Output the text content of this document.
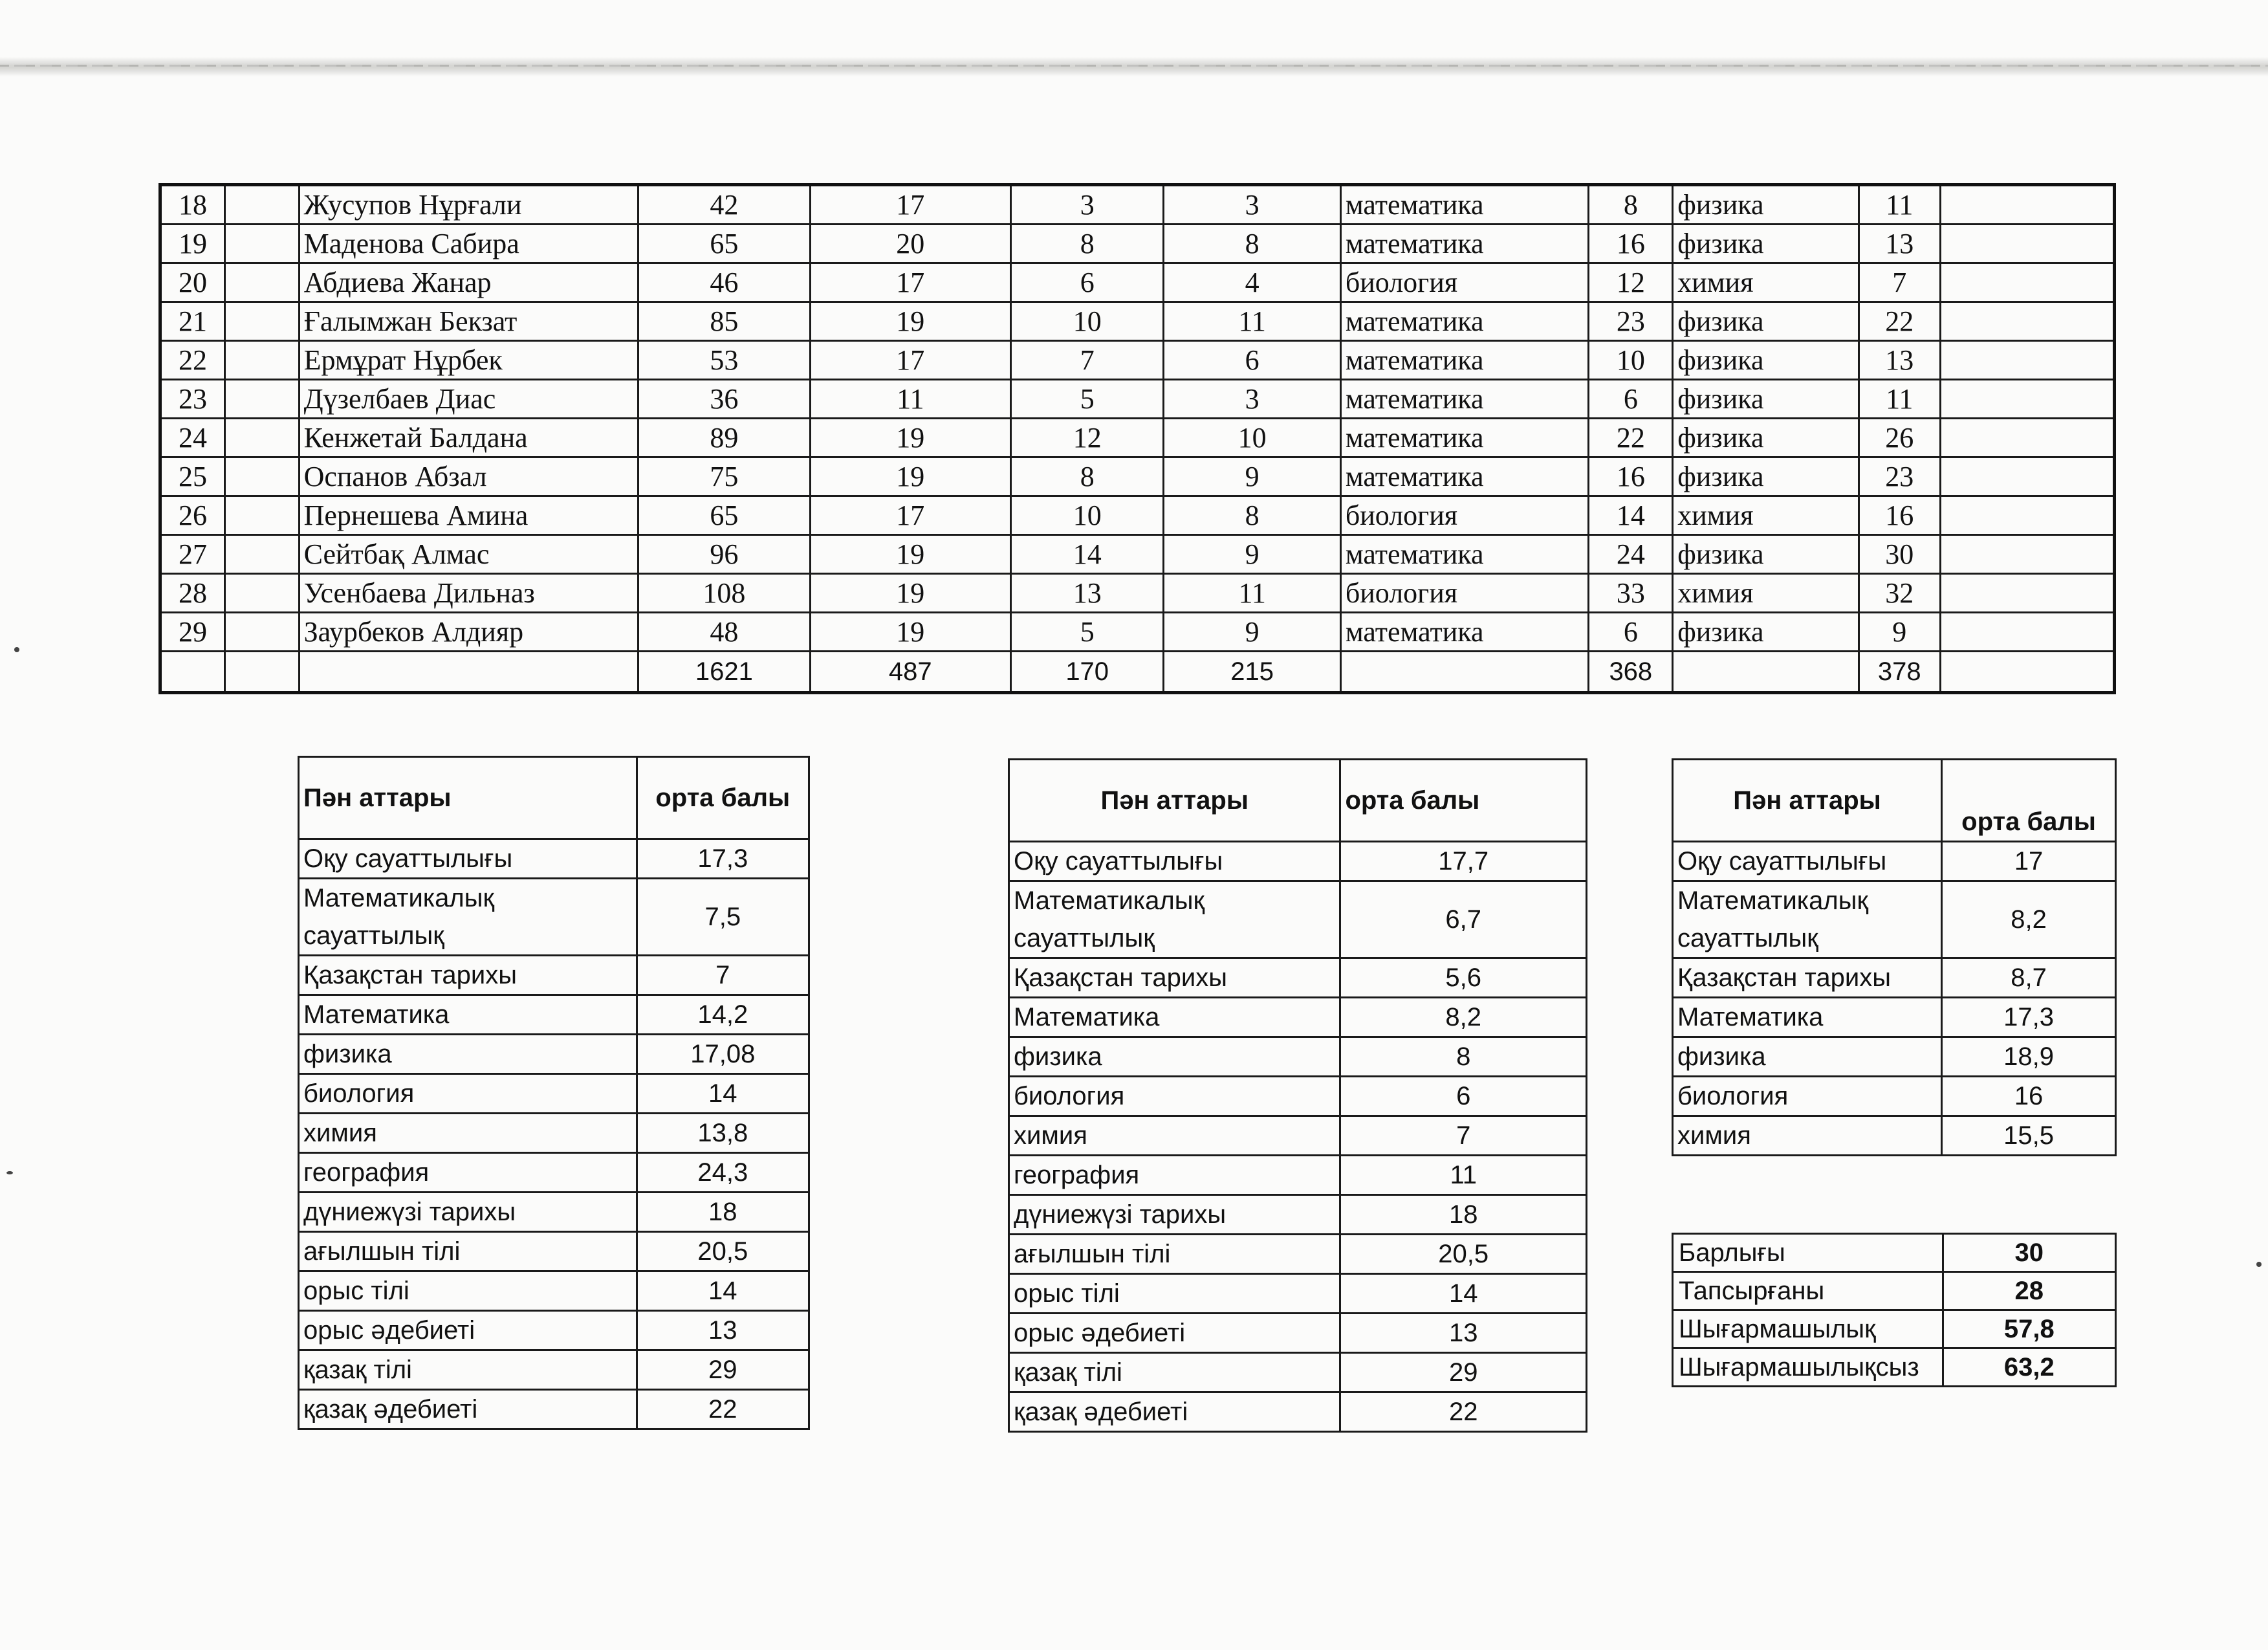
18		Жусупов Нұрғали	42	17	3	3	математика	8	физика	11	
19		Маденова Сабира	65	20	8	8	математика	16	физика	13	
20		Абдиева Жанар	46	17	6	4	биология	12	химия	7	
21		Ғалымжан Бекзат	85	19	10	11	математика	23	физика	22	
22		Ермұрат Нұрбек	53	17	7	6	математика	10	физика	13	
23		Дүзелбаев Диас	36	11	5	3	математика	6	физика	11	
24		Кенжетай Балдана	89	19	12	10	математика	22	физика	26	
25		Оспанов Абзал	75	19	8	9	математика	16	физика	23	
26		Пернешева Амина	65	17	10	8	биология	14	химия	16	
27		Сейтбақ Алмас	96	19	14	9	математика	24	физика	30	
28		Усенбаева Дильназ	108	19	13	11	биология	33	химия	32	
29		Заурбеков Алдияр	48	19	5	9	математика	6	физика	9	
			1621	487	170	215		368		378	
Пән аттары	орта балы
Оқу сауаттылығы	17,3
Математикалық сауаттылық	7,5
Қазақстан тарихы	7
Математика	14,2
физика	17,08
биология	14
химия	13,8
география	24,3
дүниежүзі тарихы	18
ағылшын тілі	20,5
орыс тілі	14
орыс әдебиеті	13
қазақ тілі	29
қазақ әдебиеті	22
Пән аттары	орта балы
Оқу сауаттылығы	17,7
Математикалық сауаттылық	6,7
Қазақстан тарихы	5,6
Математика	8,2
физика	8
биология	6
химия	7
география	11
дүниежүзі тарихы	18
ағылшын тілі	20,5
орыс тілі	14
орыс әдебиеті	13
қазақ тілі	29
қазақ әдебиеті	22
Пән аттары	орта балы
Оқу сауаттылығы	17
Математикалық сауаттылық	8,2
Қазақстан тарихы	8,7
Математика	17,3
физика	18,9
биология	16
химия	15,5
Барлығы	30
Тапсырғаны	28
Шығармашылық	57,8
Шығармашылықсыз	63,2
